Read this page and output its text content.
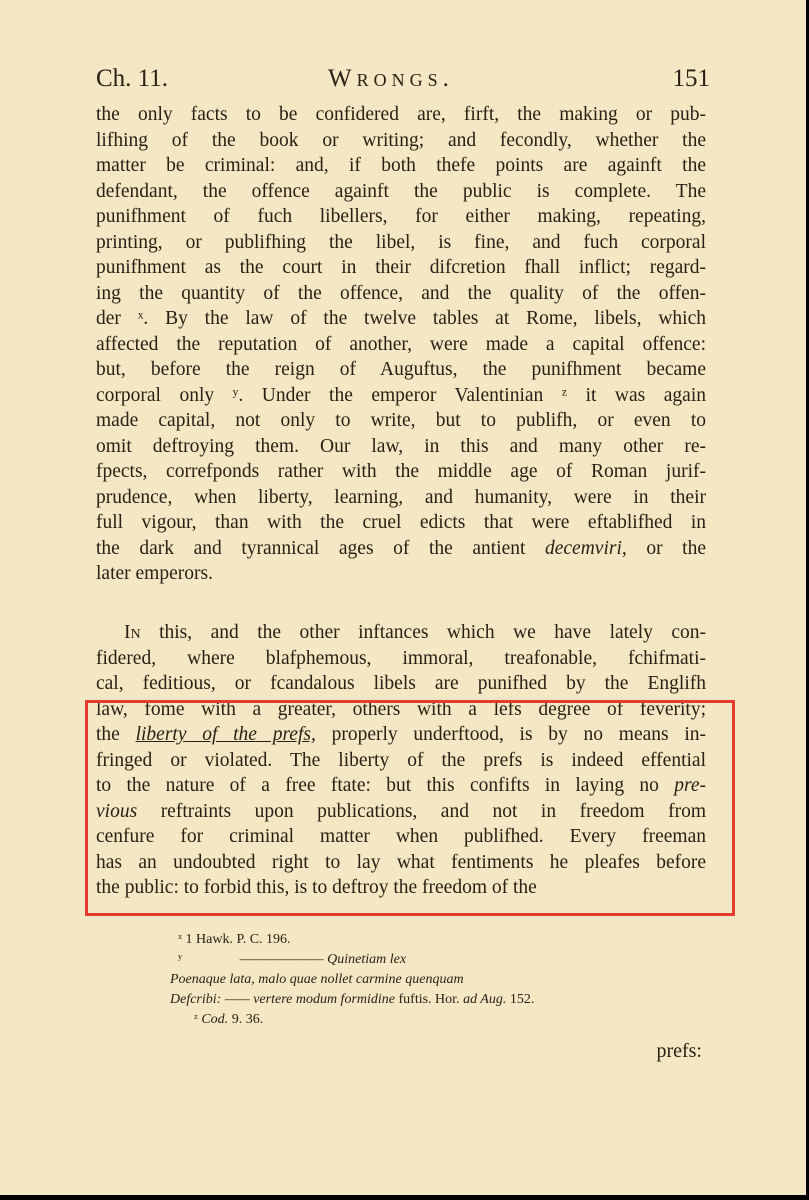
Ch. 11.	Wrongs.	151
the only facts to be confidered are, firft, the making or pub-
lifhing of the book or writing; and fecondly, whether the
matter be criminal: and, if both thefe points are againft the
defendant, the offence againft the public is complete. The
punifhment of fuch libellers, for either making, repeating,
printing, or publifhing the libel, is fine, and fuch corporal
punifhment as the court in their difcretion fhall inflict; regard-
ing the quantity of the offence, and the quality of the offen-
der ˣ. By the law of the twelve tables at Rome, libels, which
affected the reputation of another, were made a capital offence:
but, before the reign of Auguftus, the punifhment became
corporal only ʸ. Under the emperor Valentinian ᶻ it was again
made capital, not only to write, but to publifh, or even to
omit deftroying them. Our law, in this and many other re-
fpects, correfponds rather with the middle age of Roman jurif-
prudence, when liberty, learning, and humanity, were in their
full vigour, than with the cruel edicts that were eftablifhed in
the dark and tyrannical ages of the antient decemviri, or the
later emperors.
In this, and the other inftances which we have lately con-
fidered, where blafphemous, immoral, treafonable, fchifmati-
cal, feditious, or fcandalous libels are punifhed by the Englifh
law, fome with a greater, others with a lefs degree of feverity;
the liberty of the prefs, properly underftood, is by no means in-
fringed or violated. The liberty of the prefs is indeed effential
to the nature of a free ftate: but this confifts in laying no pre-
vious reftraints upon publications, and not in freedom from
cenfure for criminal matter when publifhed. Every freeman
has an undoubted right to lay what fentiments he pleafes before
the public: to forbid this, is to deftroy the freedom of the
ˣ 1 Hawk. P. C. 196.
ʸ	—————— Quinetiam lex
Poenaque lata, malo quae nollet carmine quenquam
Defcribi: —— vertere modum formidine fuftis. Hor. ad Aug. 152.
ᶻ Cod. 9. 36.
prefs:
